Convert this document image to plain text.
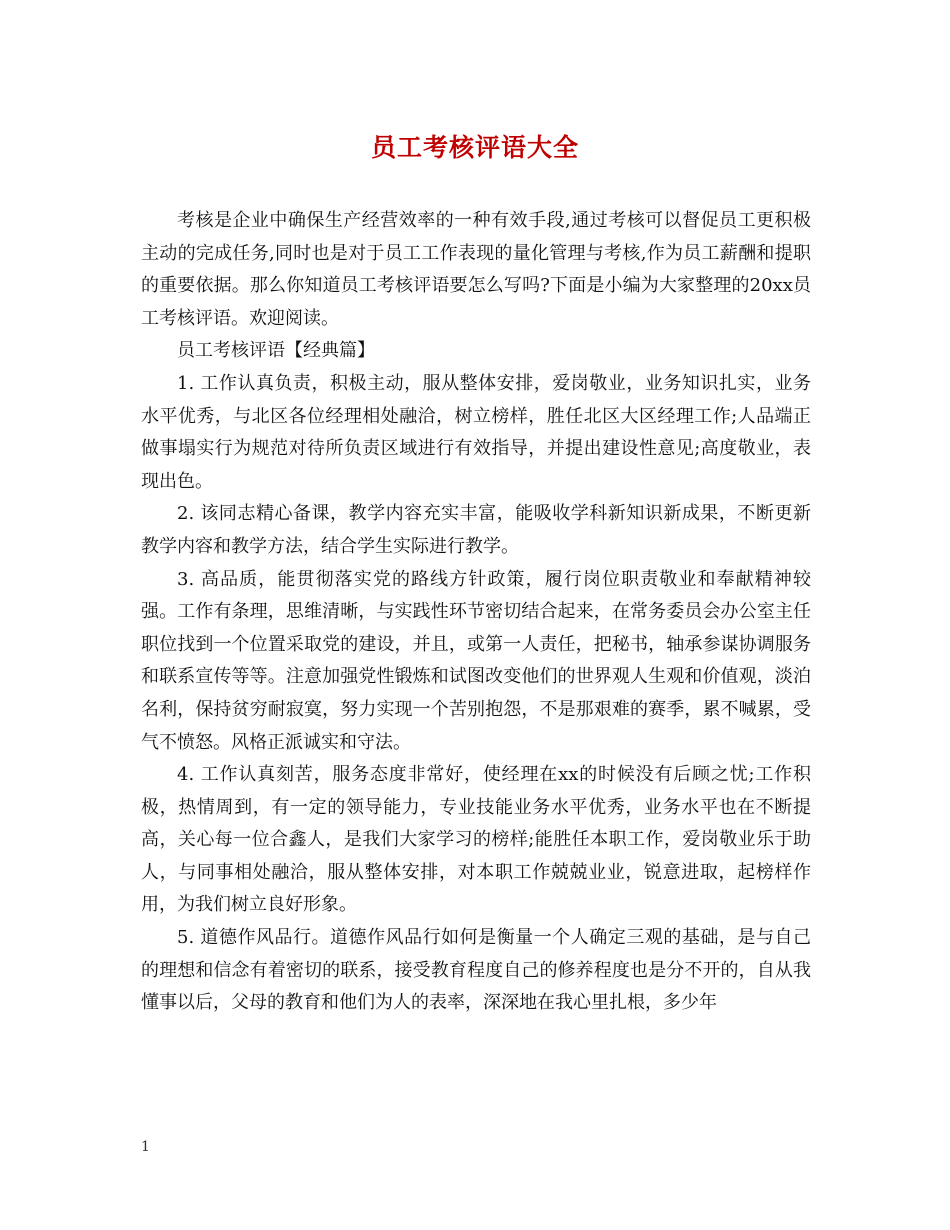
员工考核评语大全

考核是企业中确保生产经营效率的一种有效手段,通过考核可以督促员工更积极主动的完成任务,同时也是对于员工工作表现的量化管理与考核,作为员工薪酬和提职的重要依据。那么你知道员工考核评语要怎么写吗?下面是小编为大家整理的20xx员工考核评语。欢迎阅读。

员工考核评语【经典篇】

1. 工作认真负责，积极主动，服从整体安排，爱岗敬业，业务知识扎实，业务水平优秀，与北区各位经理相处融洽，树立榜样，胜任北区大区经理工作;人品端正做事塌实行为规范对待所负责区域进行有效指导，并提出建设性意见;高度敬业，表现出色。

2. 该同志精心备课，教学内容充实丰富，能吸收学科新知识新成果，不断更新教学内容和教学方法，结合学生实际进行教学。

3. 高品质，能贯彻落实党的路线方针政策，履行岗位职责敬业和奉献精神较强。工作有条理，思维清晰，与实践性环节密切结合起来，在常务委员会办公室主任职位找到一个位置采取党的建设，并且，或第一人责任，把秘书，轴承参谋协调服务和联系宣传等等。注意加强党性锻炼和试图改变他们的世界观人生观和价值观，淡泊名利，保持贫穷耐寂寞，努力实现一个苦别抱怨，不是那艰难的赛季，累不喊累，受气不愤怒。风格正派诚实和守法。

4. 工作认真刻苦，服务态度非常好，使经理在xx的时候没有后顾之忧;工作积极，热情周到，有一定的领导能力，专业技能业务水平优秀，业务水平也在不断提高，关心每一位合鑫人，是我们大家学习的榜样;能胜任本职工作，爱岗敬业乐于助人，与同事相处融洽，服从整体安排，对本职工作兢兢业业，锐意进取，起榜样作用，为我们树立良好形象。

5. 道德作风品行。道德作风品行如何是衡量一个人确定三观的基础，是与自己的理想和信念有着密切的联系，接受教育程度自己的修养程度也是分不开的，自从我懂事以后，父母的教育和他们为人的表率，深深地在我心里扎根，多少年

1
